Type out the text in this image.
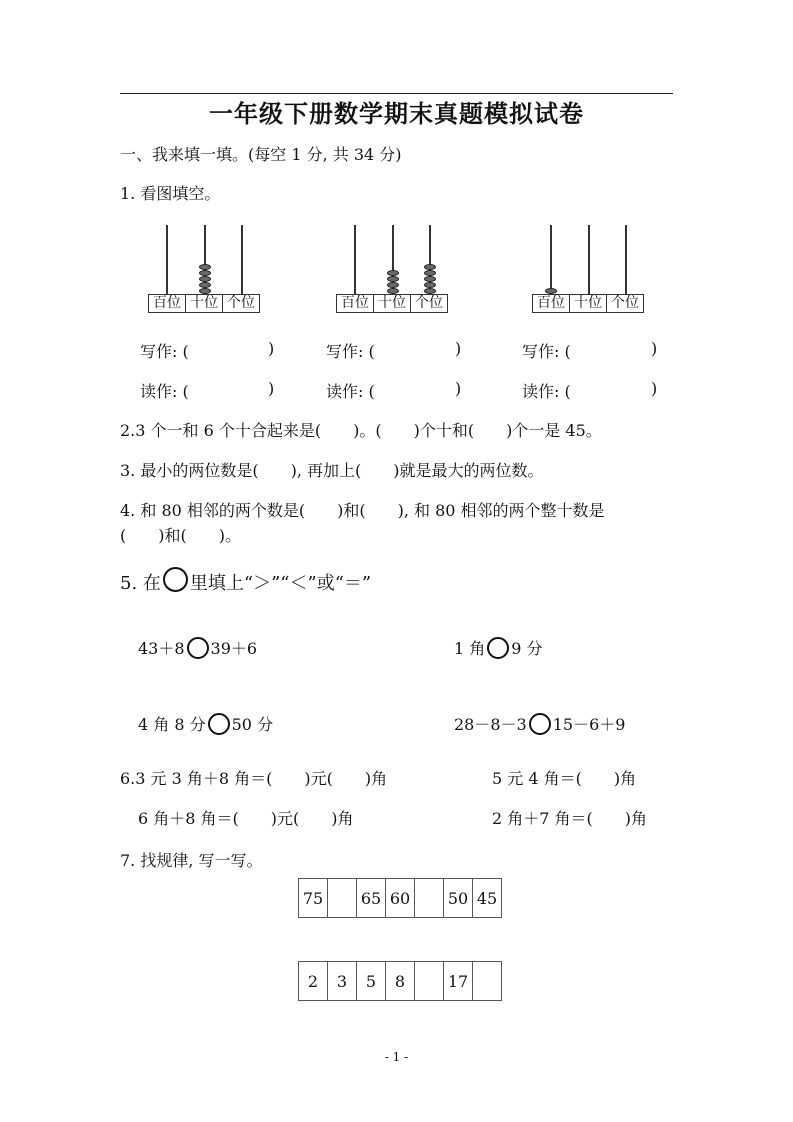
一年级下册数学期末真题模拟试卷
一、我来填一填。(每空 1 分, 共 34 分)
1. 看图填空。
百位 十位 个位	百位 十位 个位	百位 十位 个位
写作: (	)	写作: (	)	写作: (	)
读作: (	)	读作: (	)	读作: (	)
2.3 个一和 6 个十合起来是(　　)。(　　)个十和(　　)个一是 45。
3. 最小的两位数是(　　), 再加上(　　)就是最大的两位数。
4. 和 80 相邻的两个数是(　　)和(　　), 和 80 相邻的两个整十数是
(　　)和(　　)。
5. 在 里填上“＞”“＜”或“＝”
43＋8 39＋6	1 角 9 分
4 角 8 分 50 分	28－8－3 15－6＋9
6.3 元 3 角＋8 角＝(　　)元(　　)角	5 元 4 角＝(　　)角
6 角＋8 角＝(　　)元(　　)角	2 角＋7 角＝(　　)角
7. 找规律, 写一写。
75		65	60		50	45
2	3	5	8		17	
- 1 -
